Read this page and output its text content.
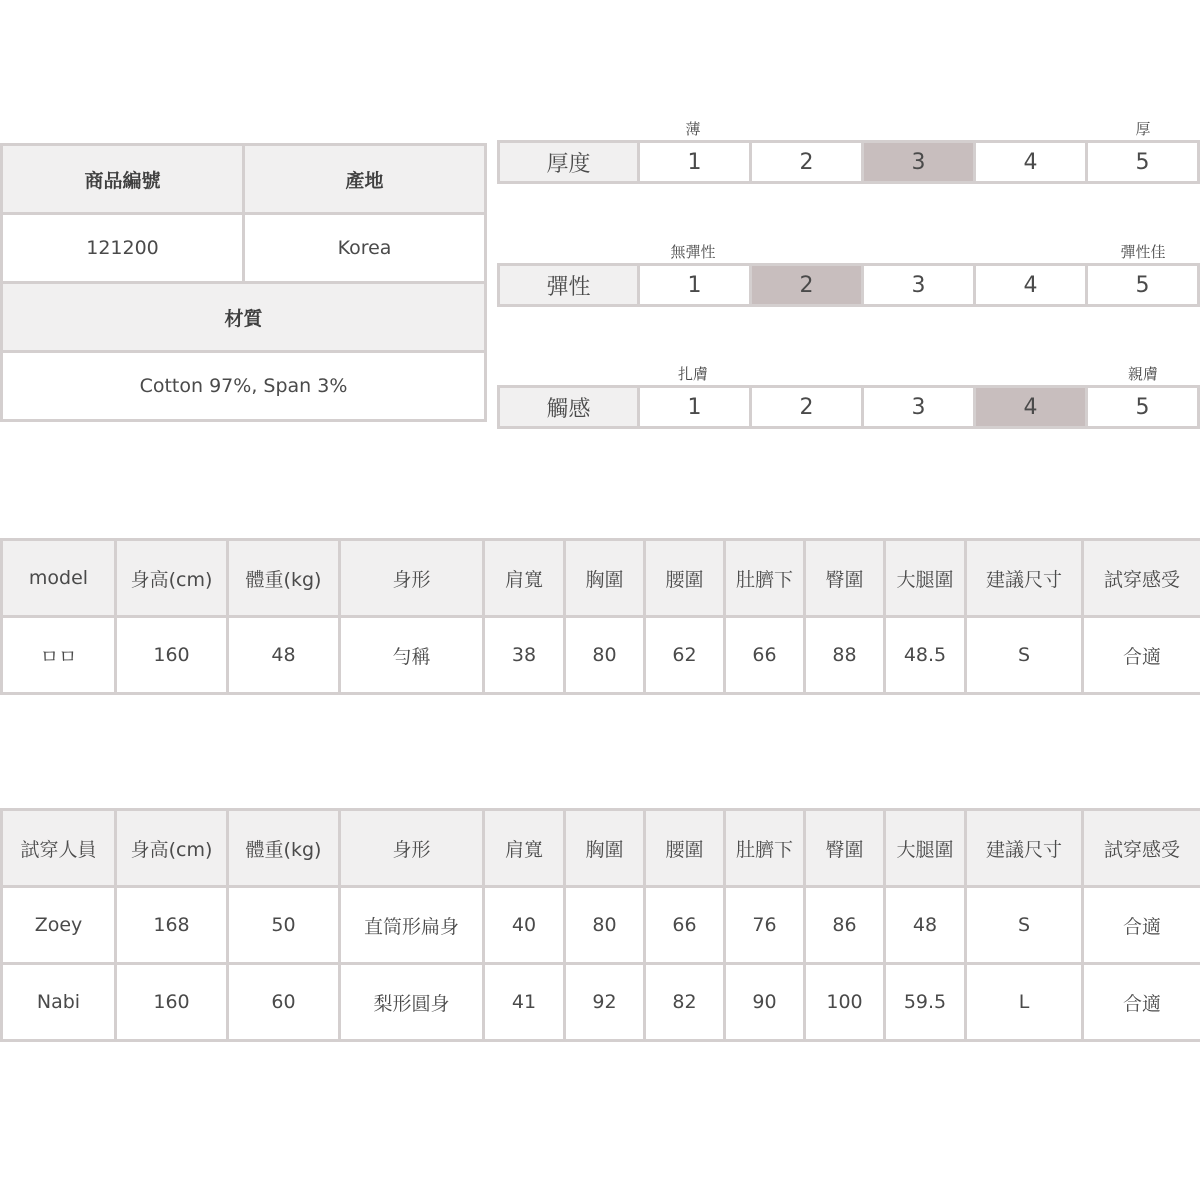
商品編號	產地
121200	Korea
材質	
Cotton 97%, Span 3%	
薄	厚
厚度	1	2	3	4	5
無彈性	彈性佳
彈性	1	2	3	4	5
扎膚	親膚
觸感	1	2	3	4	5
model	身高(cm)	體重(kg)	身形	肩寬	胸圍	腰圍	肚臍下	臀圍	大腿圍	建議尺寸	試穿感受
ㅁㅁ	160	48	勻稱	38	80	62	66	88	48.5	S	合適
試穿人員	身高(cm)	體重(kg)	身形	肩寬	胸圍	腰圍	肚臍下	臀圍	大腿圍	建議尺寸	試穿感受
Zoey	168	50	直筒形扁身	40	80	66	76	86	48	S	合適
Nabi	160	60	梨形圓身	41	92	82	90	100	59.5	L	合適
